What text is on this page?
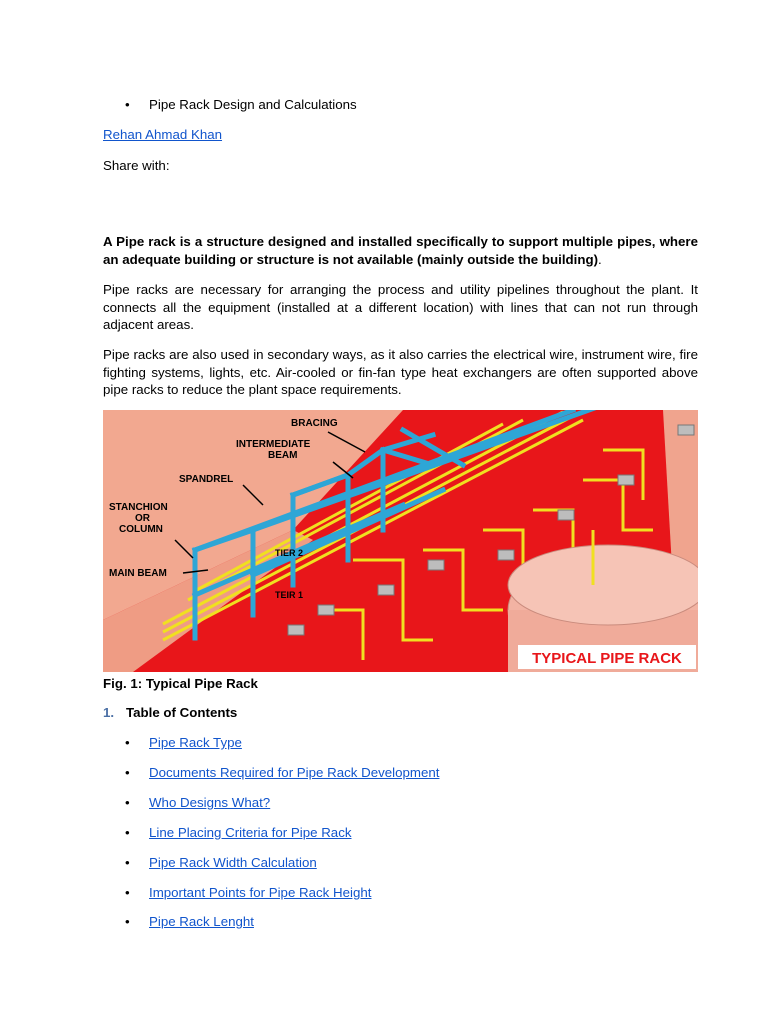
• Pipe Rack Design and Calculations
Rehan Ahmad Khan
Share with:

A Pipe rack is a structure designed and installed specifically to support multiple pipes, where an adequate building or structure is not available (mainly outside the building).

Pipe racks are necessary for arranging the process and utility pipelines throughout the plant. It connects all the equipment (installed at a different location) with lines that can not run through adjacent areas.

Pipe racks are also used in secondary ways, as it also carries the electrical wire, instrument wire, fire fighting systems, lights, etc. Air-cooled or fin-fan type heat exchangers are often supported above pipe racks to reduce the plant space requirements.

BRACING
INTERMEDIATE
BEAM
SPANDREL
STANCHION
OR
COLUMN
MAIN BEAM
TIER 2
TEIR 1
TYPICAL PIPE RACK
Fig. 1: Typical Pipe Rack
1. Table of Contents
• Pipe Rack Type
• Documents Required for Pipe Rack Development
• Who Designs What?
• Line Placing Criteria for Pipe Rack
• Pipe Rack Width Calculation
• Important Points for Pipe Rack Height
• Pipe Rack Lenght
